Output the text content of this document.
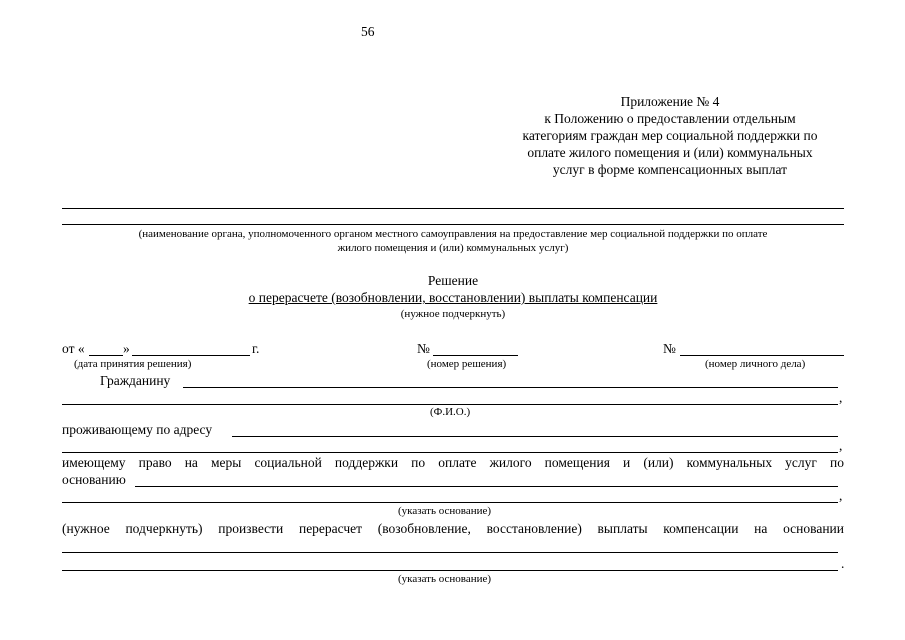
56
Приложение № 4
к Положению о предоставлении отдельным
категориям граждан мер социальной поддержки по
оплате жилого помещения и (или) коммунальных
услуг в форме компенсационных выплат
(наименование органа, уполномоченного органом местного самоуправления на предоставление мер социальной поддержки по оплате
жилого помещения и (или) коммунальных услуг)
Решение
о перерасчете (возобновлении, восстановлении) выплаты компенсации
(нужное подчеркнуть)
от «	»	г.	№	№
(дата принятия решения)	(номер решения)	(номер личного дела)
Гражданину
,
(Ф.И.О.)
проживающему по адресу
,
имеющему право на меры социальной поддержки по оплате жилого помещения и (или) коммунальных услуг по
основанию
,
(указать основание)
(нужное подчеркнуть) произвести перерасчет (возобновление, восстановление) выплаты компенсации на основании
.
(указать основание)
